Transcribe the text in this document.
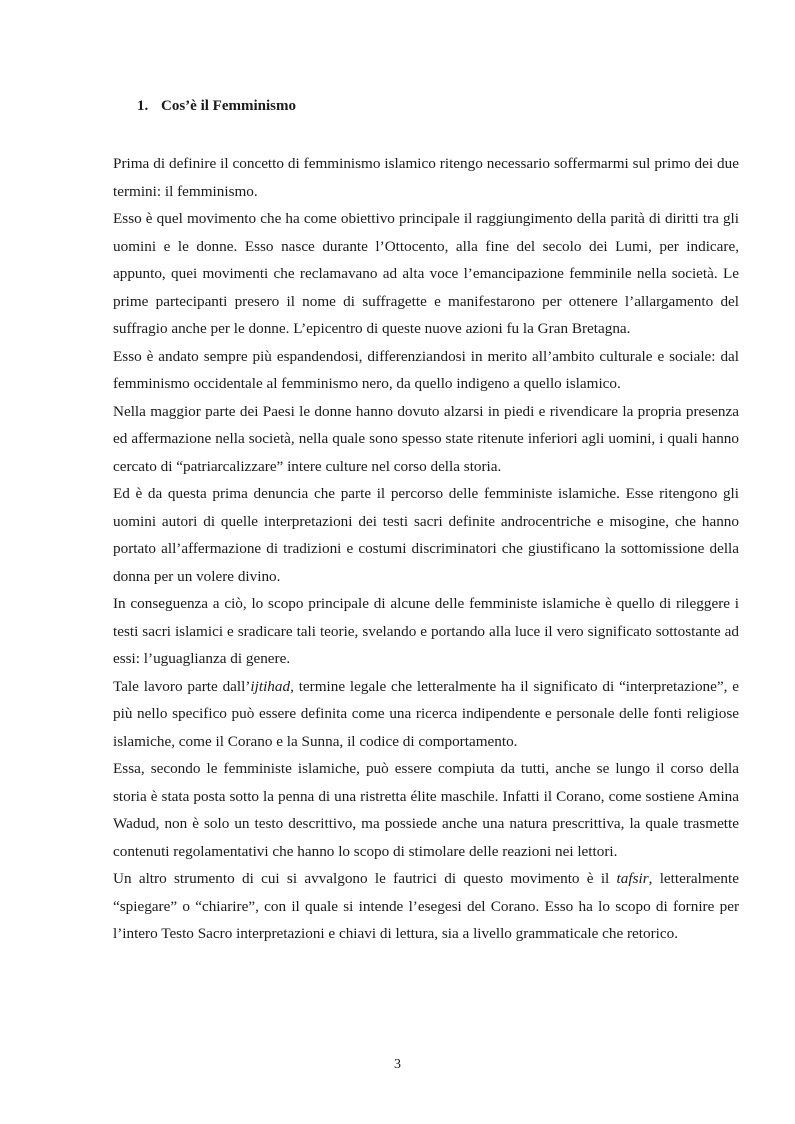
1. Cos’è il Femminismo

Prima di definire il concetto di femminismo islamico ritengo necessario soffermarmi sul primo dei due termini: il femminismo.

Esso è quel movimento che ha come obiettivo principale il raggiungimento della parità di diritti tra gli uomini e le donne. Esso nasce durante l’Ottocento, alla fine del secolo dei Lumi, per indicare, appunto, quei movimenti che reclamavano ad alta voce l’emancipazione femminile nella società. Le prime partecipanti presero il nome di suffragette e manifestarono per ottenere l’allargamento del suffragio anche per le donne. L’epicentro di queste nuove azioni fu la Gran Bretagna.

Esso è andato sempre più espandendosi, differenziandosi in merito all’ambito culturale e sociale: dal femminismo occidentale al femminismo nero, da quello indigeno a quello islamico.

Nella maggior parte dei Paesi le donne hanno dovuto alzarsi in piedi e rivendicare la propria presenza ed affermazione nella società, nella quale sono spesso state ritenute inferiori agli uomini, i quali hanno cercato di “patriarcalizzare” intere culture nel corso della storia.

Ed è da questa prima denuncia che parte il percorso delle femministe islamiche. Esse ritengono gli uomini autori di quelle interpretazioni dei testi sacri definite androcentriche e misogine, che hanno portato all’affermazione di tradizioni e costumi discriminatori che giustificano la sottomissione della donna per un volere divino.

In conseguenza a ciò, lo scopo principale di alcune delle femministe islamiche è quello di rileggere i testi sacri islamici e sradicare tali teorie, svelando e portando alla luce il vero significato sottostante ad essi: l’uguaglianza di genere.

Tale lavoro parte dall’ijtihad, termine legale che letteralmente ha il significato di “interpretazione”, e più nello specifico può essere definita come una ricerca indipendente e personale delle fonti religiose islamiche, come il Corano e la Sunna, il codice di comportamento.

Essa, secondo le femministe islamiche, può essere compiuta da tutti, anche se lungo il corso della storia è stata posta sotto la penna di una ristretta élite maschile. Infatti il Corano, come sostiene Amina Wadud, non è solo un testo descrittivo, ma possiede anche una natura prescrittiva, la quale trasmette contenuti regolamentativi che hanno lo scopo di stimolare delle reazioni nei lettori.

Un altro strumento di cui si avvalgono le fautrici di questo movimento è il tafsir, letteralmente “spiegare” o “chiarire”, con il quale si intende l’esegesi del Corano. Esso ha lo scopo di fornire per l’intero Testo Sacro interpretazioni e chiavi di lettura, sia a livello grammaticale che retorico.

3
